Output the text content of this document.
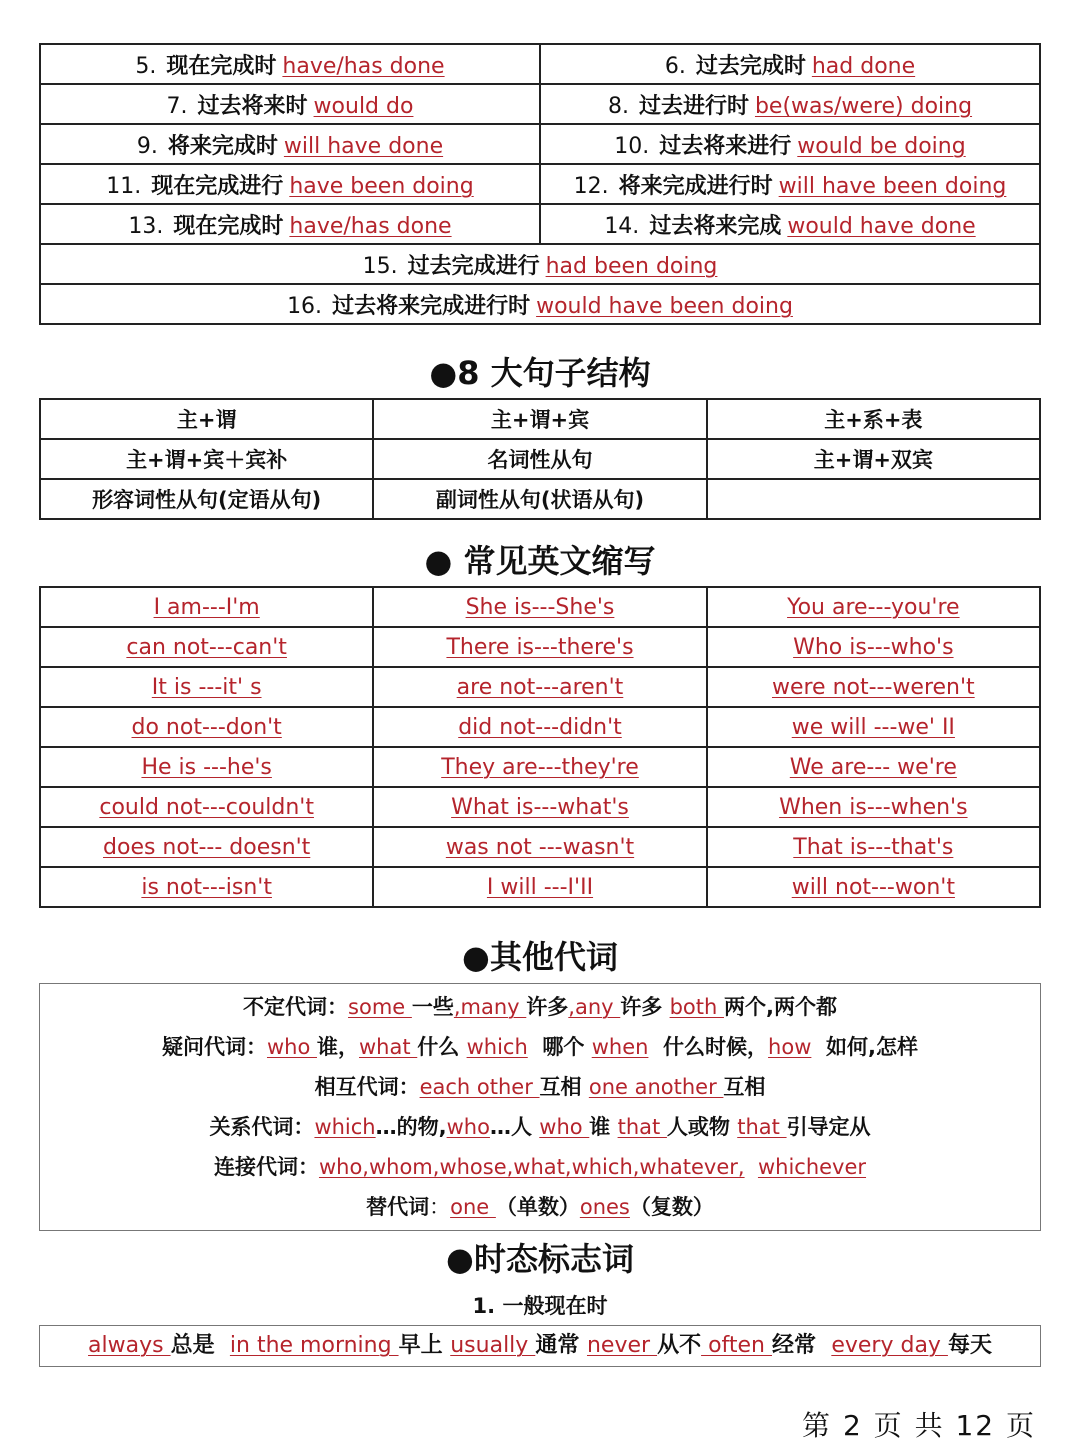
5. 现在完成时 have/has done	6. 过去完成时 had done
7. 过去将来时 would do	8. 过去进行时 be(was/were) doing
9. 将来完成时 will have done	10. 过去将来进行 would be doing
11. 现在完成进行 have been doing	12. 将来完成进行时 will have been doing
13. 现在完成时 have/has done	14. 过去将来完成 would have done
15. 过去完成进行 had been doing	
16. 过去将来完成进行时 would have been doing	
●8 大句子结构
主+谓	主+谓+宾	主+系+表
主+谓+宾＋宾补	名词性从句	主+谓+双宾
形容词性从句(定语从句)	副词性从句(状语从句)	
● 常见英文缩写
I am---I'm	She is---She's	You are---you're
can not---can't	There is---there's	Who is---who's
It is ---it' s	are not---aren't	were not---weren't
do not---don't	did not---didn't	we will ---we' II
He is ---he's	They are---they're	We are--- we're
could not---couldn't	What is---what's	When is---when's
does not--- doesn't	was not ---wasn't	That is---that's
is not---isn't	I will ---I'II	will not---won't
●其他代词
不定代词：some 一些,many 许多,any 许多 both 两个,两个都
疑问代词：who 谁，what 什么 which  哪个 when  什么时候，how  如何,怎样
相互代词：each other 互相 one another 互相
关系代词：which…的物,who…人 who 谁 that 人或物 that 引导定从
连接代词：who,whom,whose,what,which,whatever, whichever
替代词：one （单数）ones（复数）
●时态标志词
1. 一般现在时
always 总是  in the morning 早上 usually 通常 never 从不 often 经常  every day 每天
第 2 页 共 12 页
